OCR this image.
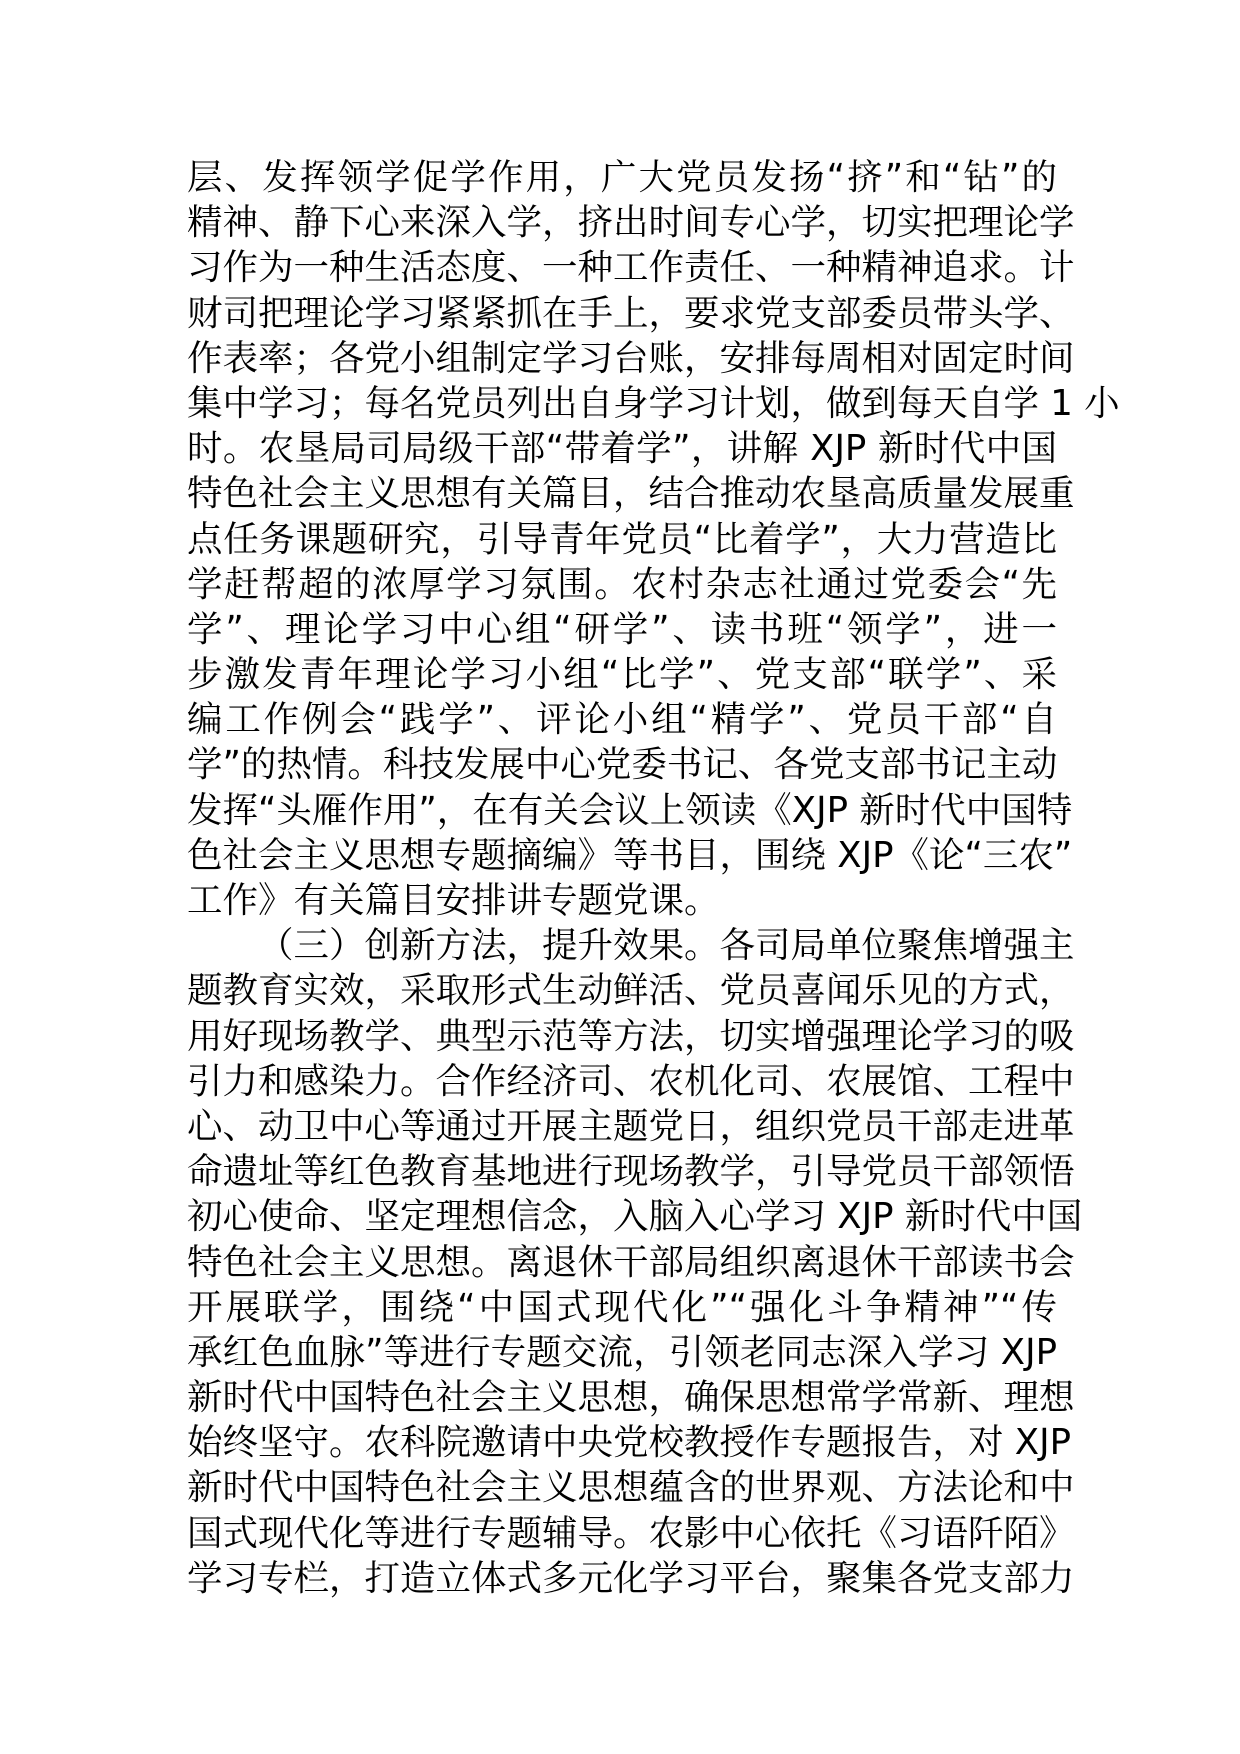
层、发挥领学促学作用，广大党员发扬“挤”和“钻”的
精神、静下心来深入学，挤出时间专心学，切实把理论学
习作为一种生活态度、一种工作责任、一种精神追求。计
财司把理论学习紧紧抓在手上，要求党支部委员带头学、
作表率；各党小组制定学习台账，安排每周相对固定时间
集中学习；每名党员列出自身学习计划，做到每天自学 1 小
时。农垦局司局级干部“带着学”，讲解 XJP 新时代中国
特色社会主义思想有关篇目，结合推动农垦高质量发展重
点任务课题研究，引导青年党员“比着学”，大力营造比
学赶帮超的浓厚学习氛围。农村杂志社通过党委会“先
学”、理论学习中心组“研学”、读书班“领学”，进一
步激发青年理论学习小组“比学”、党支部“联学”、采
编工作例会“践学”、评论小组“精学”、党员干部“自
学”的热情。科技发展中心党委书记、各党支部书记主动
发挥“头雁作用”，在有关会议上领读《XJP 新时代中国特
色社会主义思想专题摘编》等书目，围绕 XJP《论“三农”
工作》有关篇目安排讲专题党课。
（三）创新方法，提升效果。各司局单位聚焦增强主
题教育实效，采取形式生动鲜活、党员喜闻乐见的方式，
用好现场教学、典型示范等方法，切实增强理论学习的吸
引力和感染力。合作经济司、农机化司、农展馆、工程中
心、动卫中心等通过开展主题党日，组织党员干部走进革
命遗址等红色教育基地进行现场教学，引导党员干部领悟
初心使命、坚定理想信念，入脑入心学习 XJP 新时代中国
特色社会主义思想。离退休干部局组织离退休干部读书会
开展联学，围绕“中国式现代化”“强化斗争精神”“传
承红色血脉”等进行专题交流，引领老同志深入学习 XJP
新时代中国特色社会主义思想，确保思想常学常新、理想
始终坚守。农科院邀请中央党校教授作专题报告，对 XJP
新时代中国特色社会主义思想蕴含的世界观、方法论和中
国式现代化等进行专题辅导。农影中心依托《习语阡陌》
学习专栏，打造立体式多元化学习平台，聚集各党支部力
